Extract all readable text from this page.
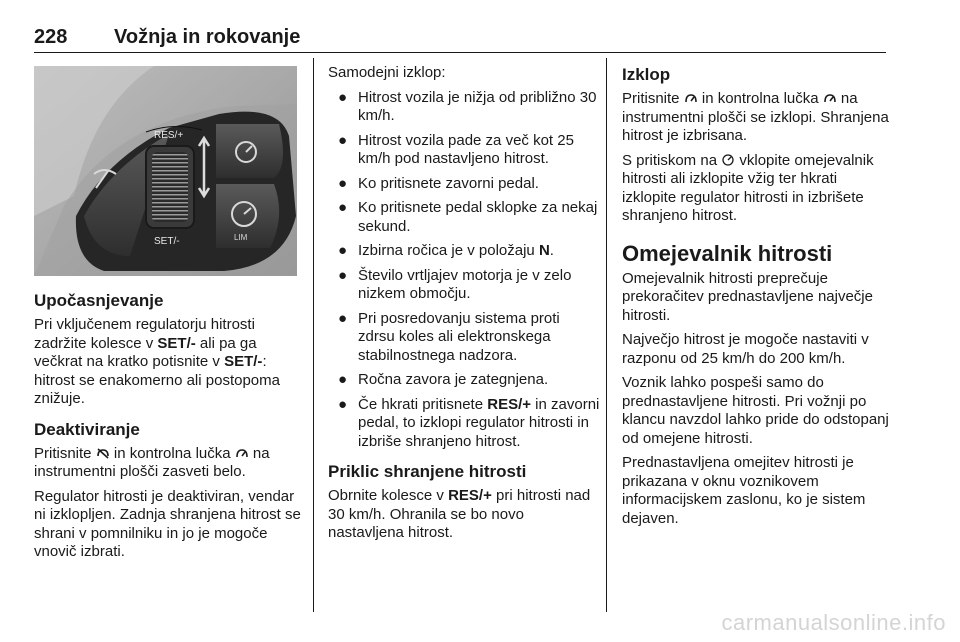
228 Vožnja in rokovanje
RES/+
SET/-	LIM
Upočasnjevanje

Pri vključenem regulatorju hitrosti zadržite kolesce v SET/- ali pa ga večkrat na kratko potisnite v SET/-: hitrost se enakomerno ali postopoma znižuje.

Deaktiviranje

Pritisnite  in kontrolna lučka  na instrumentni plošči zasveti belo.

Regulator hitrosti je deaktiviran, vendar ni izklopljen. Zadnja shranjena hitrost se shrani v pomnilniku in jo je mogoče vnovič izbrati.

Samodejni izklop:

● Hitrost vozila je nižja od približno 30 km/h.
● Hitrost vozila pade za več kot 25 km/h pod nastavljeno hitrost.
● Ko pritisnete zavorni pedal.
● Ko pritisnete pedal sklopke za nekaj sekund.
● Izbirna ročica je v položaju N.
● Število vrtljajev motorja je v zelo nizkem območju.
● Pri posredovanju sistema proti zdrsu koles ali elektronskega stabilnostnega nadzora.
● Ročna zavora je zategnjena.
● Če hkrati pritisnete RES/+ in zavorni pedal, to izklopi regulator hitrosti in izbriše shranjeno hitrost.
Priklic shranjene hitrosti

Obrnite kolesce v RES/+ pri hitrosti nad 30 km/h. Ohranila se bo novo nastavljena hitrost.

Izklop

Pritisnite  in kontrolna lučka  na instrumentni plošči se izklopi. Shranjena hitrost je izbrisana.

S pritiskom na  vklopite omejevalnik hitrosti ali izklopite vžig ter hkrati izklopite regulator hitrosti in izbrišete shranjeno hitrost.

Omejevalnik hitrosti

Omejevalnik hitrosti preprečuje prekoračitev prednastavljene največje hitrosti.

Največjo hitrost je mogoče nastaviti v razponu od 25 km/h do 200 km/h.

Voznik lahko pospeši samo do prednastavljene hitrosti. Pri vožnji po klancu navzdol lahko pride do odstopanj od omejene hitrosti.

Prednastavljena omejitev hitrosti je prikazana v oknu voznikovem informacijskem zaslonu, ko je sistem dejaven.

carmanualsonline.info
